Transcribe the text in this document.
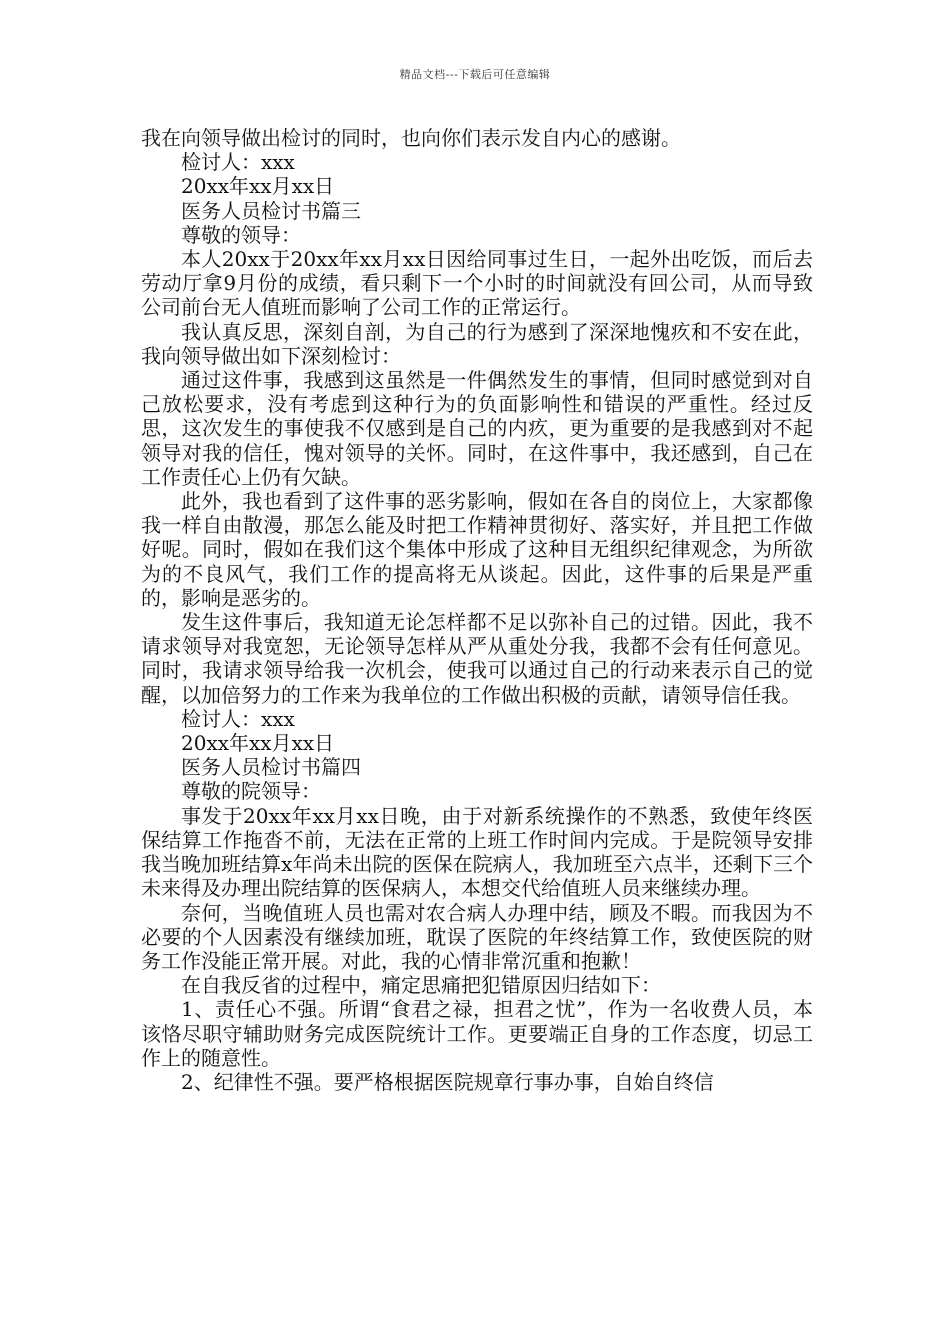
精品文档---下载后可任意编辑

我在向领导做出检讨的同时，也向你们表示发自内心的感谢。

检讨人：xxx

20xx年xx月xx日

医务人员检讨书篇三

尊敬的领导：

本人20xx于20xx年xx月xx日因给同事过生日，一起外出吃饭，而后去劳动厅拿9月份的成绩，看只剩下一个小时的时间就没有回公司，从而导致公司前台无人值班而影响了公司工作的正常运行。

我认真反思，深刻自剖，为自己的行为感到了深深地愧疚和不安在此，我向领导做出如下深刻检讨：

通过这件事，我感到这虽然是一件偶然发生的事情，但同时感觉到对自己放松要求，没有考虑到这种行为的负面影响性和错误的严重性。经过反思，这次发生的事使我不仅感到是自己的内疚，更为重要的是我感到对不起领导对我的信任，愧对领导的关怀。同时，在这件事中，我还感到，自己在工作责任心上仍有欠缺。

此外，我也看到了这件事的恶劣影响，假如在各自的岗位上，大家都像我一样自由散漫，那怎么能及时把工作精神贯彻好、落实好，并且把工作做好呢。同时，假如在我们这个集体中形成了这种目无组织纪律观念，为所欲为的不良风气，我们工作的提高将无从谈起。因此，这件事的后果是严重的，影响是恶劣的。

发生这件事后，我知道无论怎样都不足以弥补自己的过错。因此，我不请求领导对我宽恕，无论领导怎样从严从重处分我，我都不会有任何意见。同时，我请求领导给我一次机会，使我可以通过自己的行动来表示自己的觉醒，以加倍努力的工作来为我单位的工作做出积极的贡献，请领导信任我。

检讨人：xxx

20xx年xx月xx日

医务人员检讨书篇四

尊敬的院领导：

事发于20xx年xx月xx日晚，由于对新系统操作的不熟悉，致使年终医保结算工作拖沓不前，无法在正常的上班工作时间内完成。于是院领导安排我当晚加班结算x年尚未出院的医保在院病人，我加班至六点半，还剩下三个未来得及办理出院结算的医保病人，本想交代给值班人员来继续办理。

奈何，当晚值班人员也需对农合病人办理中结，顾及不暇。而我因为不必要的个人因素没有继续加班，耽误了医院的年终结算工作，致使医院的财务工作没能正常开展。对此，我的心情非常沉重和抱歉！

在自我反省的过程中，痛定思痛把犯错原因归结如下：

1、责任心不强。所谓“食君之禄，担君之忧”，作为一名收费人员，本该恪尽职守辅助财务完成医院统计工作。更要端正自身的工作态度，切忌工作上的随意性。

2、纪律性不强。要严格根据医院规章行事办事，自始自终信
